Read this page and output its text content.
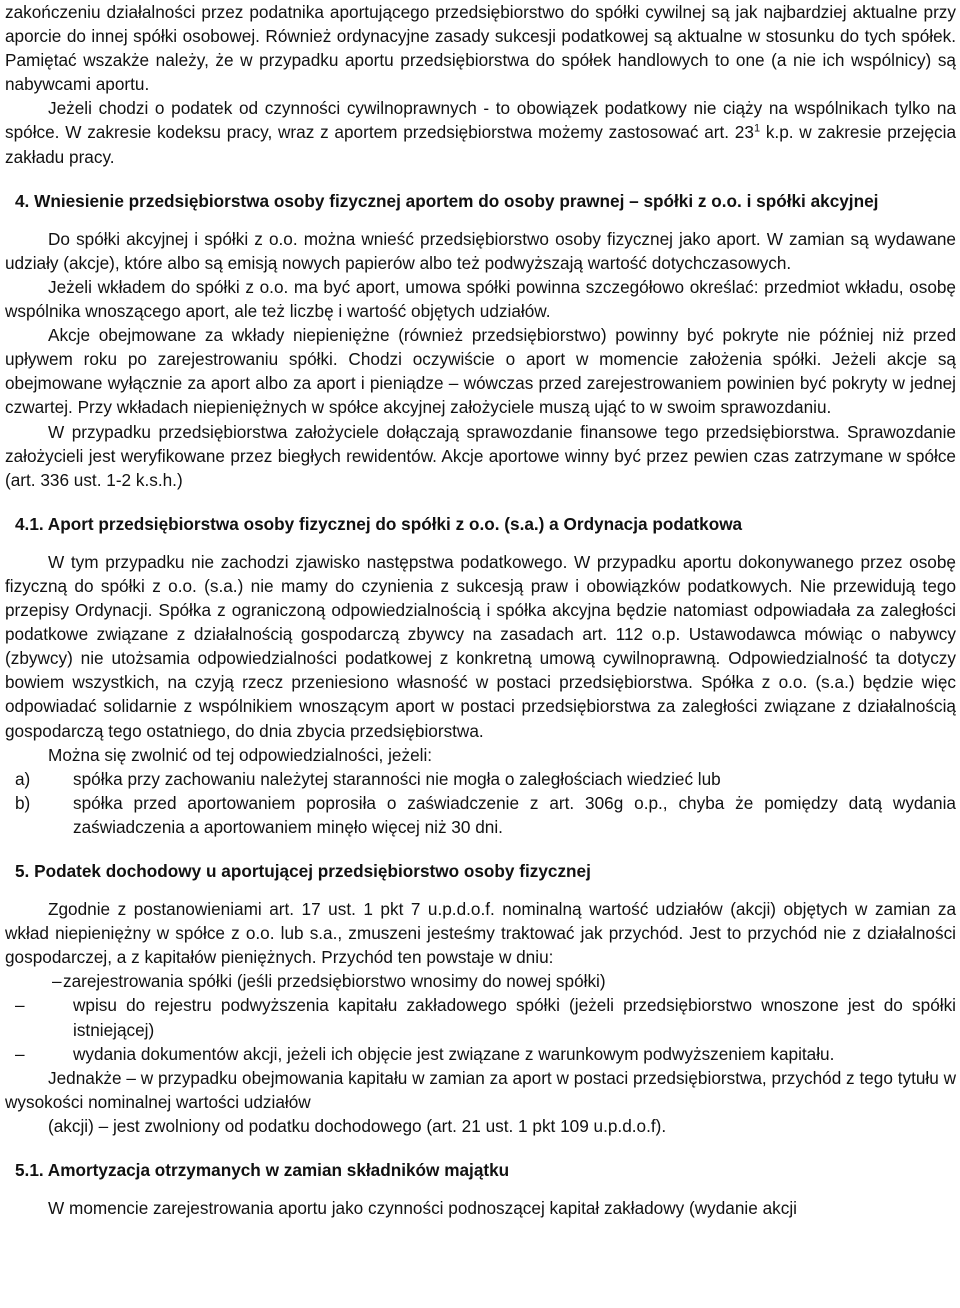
zakończeniu działalności przez podatnika aportującego przedsiębiorstwo do spółki cywilnej są jak najbardziej aktualne przy aporcie do innej spółki osobowej. Również ordynacyjne zasady sukcesji podatkowej są aktualne w stosunku do tych spółek. Pamiętać wszakże należy, że w przypadku aportu przedsiębiorstwa do spółek handlowych to one (a nie ich wspólnicy) są nabywcami aportu.

Jeżeli chodzi o podatek od czynności cywilnoprawnych - to obowiązek podatkowy nie ciąży na wspólnikach tylko na spółce. W zakresie kodeksu pracy, wraz z aportem przedsiębiorstwa możemy zastosować art. $23^1$ k.p. w zakresie przejęcia zakładu pracy.

4. Wniesienie przedsiębiorstwa osoby fizycznej aportem do osoby prawnej – spółki z o.o. i spółki akcyjnej

Do spółki akcyjnej i spółki z o.o. można wnieść przedsiębiorstwo osoby fizycznej jako aport. W zamian są wydawane udziały (akcje), które albo są emisją nowych papierów albo też podwyższają wartość dotychczasowych.

Jeżeli wkładem do spółki z o.o. ma być aport, umowa spółki powinna szczegółowo określać: przedmiot wkładu, osobę wspólnika wnoszącego aport, ale też liczbę i wartość objętych udziałów.

Akcje obejmowane za wkłady niepieniężne (również przedsiębiorstwo) powinny być pokryte nie później niż przed upływem roku po zarejestrowaniu spółki. Chodzi oczywiście o aport w momencie założenia spółki. Jeżeli akcje są obejmowane wyłącznie za aport albo za aport i pieniądze – wówczas przed zarejestrowaniem powinien być pokryty w jednej czwartej. Przy wkładach niepieniężnych w spółce akcyjnej założyciele muszą ująć to w swoim sprawozdaniu.

W przypadku przedsiębiorstwa założyciele dołączają sprawozdanie finansowe tego przedsiębiorstwa. Sprawozdanie założycieli jest weryfikowane przez biegłych rewidentów. Akcje aportowe winny być przez pewien czas zatrzymane w spółce (art. 336 ust. 1-2 k.s.h.)

4.1. Aport przedsiębiorstwa osoby fizycznej do spółki z o.o. (s.a.) a Ordynacja podatkowa

W tym przypadku nie zachodzi zjawisko następstwa podatkowego. W przypadku aportu dokonywanego przez osobę fizyczną do spółki z o.o. (s.a.) nie mamy do czynienia z sukcesją praw i obowiązków podatkowych. Nie przewidują tego przepisy Ordynacji. Spółka z ograniczoną odpowiedzialnością i spółka akcyjna będzie natomiast odpowiadała za zaległości podatkowe związane z działalnością gospodarczą zbywcy na zasadach art. 112 o.p. Ustawodawca mówiąc o nabywcy (zbywcy) nie utożsamia odpowiedzialności podatkowej z konkretną umową cywilnoprawną. Odpowiedzialność ta dotyczy bowiem wszystkich, na czyją rzecz przeniesiono własność w postaci przedsiębiorstwa. Spółka z o.o. (s.a.) będzie więc odpowiadać solidarnie z wspólnikiem wnoszącym aport w postaci przedsiębiorstwa za zaległości związane z działalnością gospodarczą tego ostatniego, do dnia zbycia przedsiębiorstwa.

Można się zwolnić od tej odpowiedzialności, jeżeli:

a)	spółka przy zachowaniu należytej staranności nie mogła o zaległościach wiedzieć lub
b)	spółka przed aportowaniem poprosiła o zaświadczenie z art. 306g o.p., chyba że pomiędzy datą wydania zaświadczenia a aportowaniem minęło więcej niż 30 dni.

5. Podatek dochodowy u aportującej przedsiębiorstwo osoby fizycznej

Zgodnie z postanowieniami art. 17 ust. 1 pkt 7 u.p.d.o.f. nominalną wartość udziałów (akcji) objętych w zamian za wkład niepieniężny w spółce z o.o. lub s.a., zmuszeni jesteśmy traktować jak przychód. Jest to przychód nie z działalności gospodarczej, a z kapitałów pieniężnych. Przychód ten powstaje w dniu:

– zarejestrowania spółki (jeśli przedsiębiorstwo wnosimy do nowej spółki)
–	wpisu do rejestru podwyższenia kapitału zakładowego spółki (jeżeli przedsiębiorstwo wnoszone jest do spółki istniejącej)
–	wydania dokumentów akcji, jeżeli ich objęcie jest związane z warunkowym podwyższeniem kapitału.

Jednakże – w przypadku obejmowania kapitału w zamian za aport w postaci przedsiębiorstwa, przychód z tego tytułu w wysokości nominalnej wartości udziałów

(akcji) – jest zwolniony od podatku dochodowego (art. 21 ust. 1 pkt 109 u.p.d.o.f).

5.1. Amortyzacja otrzymanych w zamian składników majątku

W momencie zarejestrowania aportu jako czynności podnoszącej kapitał zakładowy (wydanie akcji
